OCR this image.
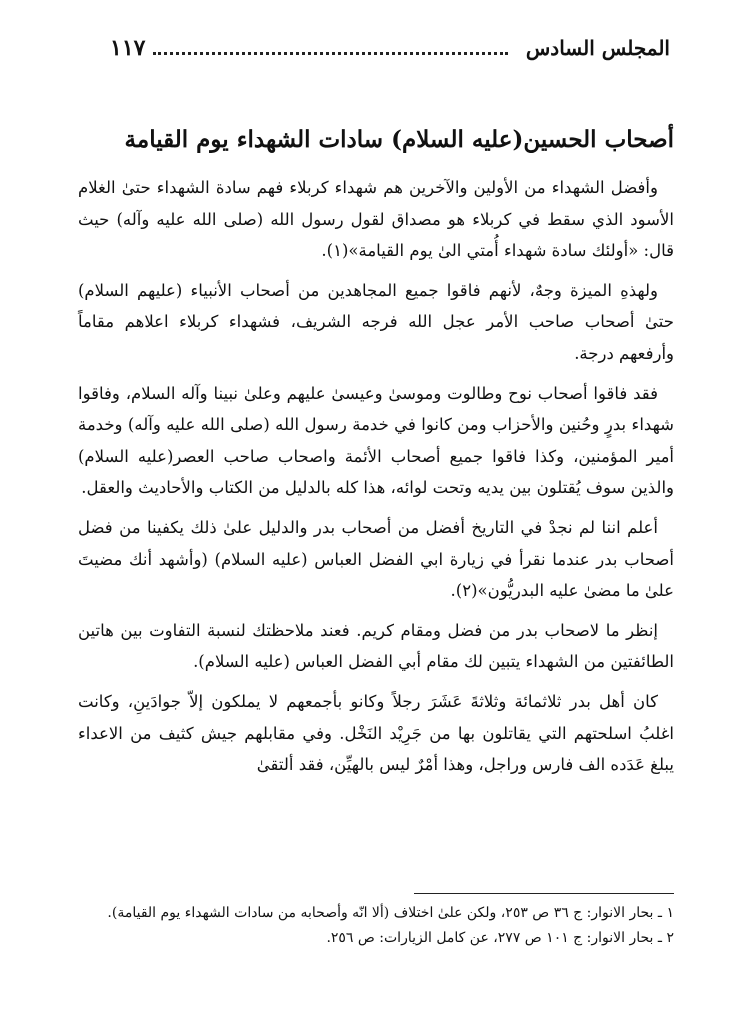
المجلس السادس
١١٧
أصحاب الحسين(عليه السلام) سادات الشهداء يوم القيامة

وأفضل الشهداء من الأولين والآخرين هم شهداء كربلاء فهم سادة الشهداء حتىٰ الغلام الأسود الذي سقط في كربلاء هو مصداق لقول رسول الله (صلى الله عليه وآله) حيث قال: «أولئك سادة شهداء أُمتي الىٰ يوم القيامة»(١).

ولهذهِ الميزة وجهٌ، لأنهم فاقوا جميع المجاهدين من أصحاب الأنبياء (عليهم السلام) حتىٰ أصحاب صاحب الأمر عجل الله فرجه الشريف، فشهداء كربلاء اعلاهم مقاماً وأرفعهم درجة.

فقد فاقوا أصحاب نوح وطالوت وموسىٰ وعيسىٰ عليهم وعلىٰ نبينا وآله السلام، وفاقوا شهداء بدرٍ وحُنين والأحزاب ومن كانوا في خدمة رسول الله (صلى الله عليه وآله) وخدمة أمير المؤمنين، وكذا فاقوا جميع أصحاب الأئمة واصحاب صاحب العصر(عليه السلام) والذين سوف يُقتلون بين يديه وتحت لوائه، هذا كله بالدليل من الكتاب والأحاديث والعقل.

أعلم اننا لم نجدْ في التاريخ أفضل من أصحاب بدر والدليل علىٰ ذلك يكفينا من فضل أصحاب بدر عندما نقرأ في زيارة ابي الفضل العباس (عليه السلام) (وأشهد أنك مضيتَ علىٰ ما مضىٰ عليه البدريُّون»(٢).

إنظر ما لاصحاب بدر من فضل ومقام كريم. فعند ملاحظتك لنسبة التفاوت بين هاتين الطائفتين من الشهداء يتبين لك مقام أبي الفضل العباس (عليه السلام).

كان أهل بدر ثلاثمائة وثلاثةَ عَشَرَ رجلاً وكانو بأجمعهم لا يملكون إلاّ جوادَينِ، وكانت اغلبُ اسلحتهم التي يقاتلون بها من جَرِيْد النَخْل. وفي مقابلهم جيش كثيف من الاعداء يبلغ عَدَده الف فارس وراجل، وهذا أمْرٌ ليس بالهيِّن، فقد ألتقىٰ

١ ـ بحار الانوار: ج ٣٦ ص ٢٥٣، ولكن علىٰ اختلاف (ألا انّه وأصحابه من سادات الشهداء يوم القيامة).

٢ ـ بحار الانوار: ج ١٠١ ص ٢٧٧، عن كامل الزيارات: ص ٢٥٦.
